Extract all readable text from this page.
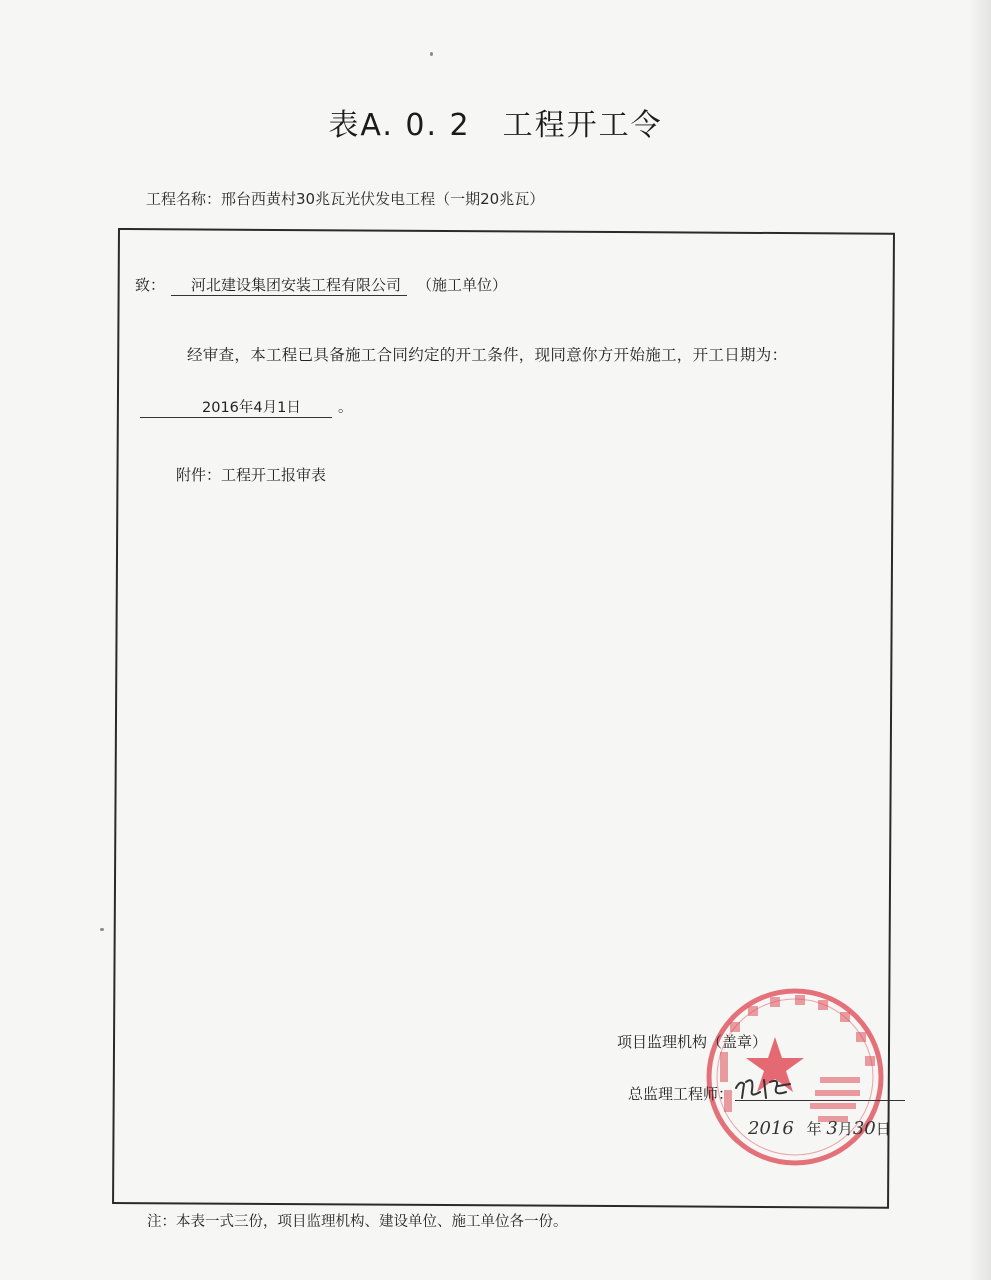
表A. 0. 2　工程开工令
工程名称：邢台西黄村30兆瓦光伏发电工程（一期20兆瓦）
致： 河北建设集团安装工程有限公司 （施工单位）
经审查，本工程已具备施工合同约定的开工条件，现同意你方开始施工，开工日期为：
2016年4月1日	。
附件：工程开工报审表
项目监理机构（盖章）
总监理工程师：
2016 年 3月30日
注：本表一式三份，项目监理机构、建设单位、施工单位各一份。
